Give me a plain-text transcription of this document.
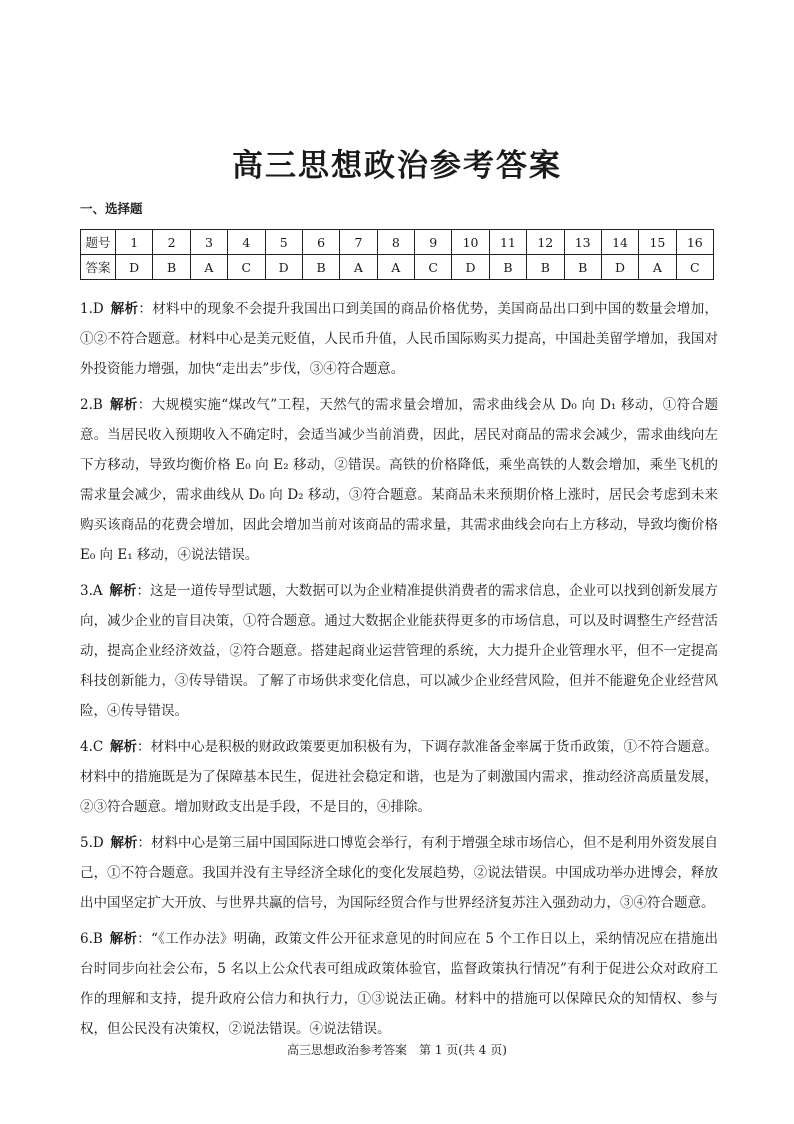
高三思想政治参考答案
一、选择题
题号	1	2	3	4	5	6	7	8	9	10	11	12	13	14	15	16
答案	D	B	A	C	D	B	A	A	C	D	B	B	B	D	A	C

1.D  解析：材料中的现象不会提升我国出口到美国的商品价格优势，美国商品出口到中国的数量会增加，①②不符合题意。材料中心是美元贬值，人民币升值，人民币国际购买力提高，中国赴美留学增加，我国对外投资能力增强，加快“走出去”步伐，③④符合题意。

2.B  解析：大规模实施“煤改气”工程，天然气的需求量会增加，需求曲线会从 D₀ 向 D₁ 移动，①符合题意。当居民收入预期收入不确定时，会适当减少当前消费，因此，居民对商品的需求会减少，需求曲线向左下方移动，导致均衡价格 E₀ 向 E₂ 移动，②错误。高铁的价格降低，乘坐高铁的人数会增加，乘坐飞机的需求量会减少，需求曲线从 D₀ 向 D₂ 移动，③符合题意。某商品未来预期价格上涨时，居民会考虑到未来购买该商品的花费会增加，因此会增加当前对该商品的需求量，其需求曲线会向右上方移动，导致均衡价格 E₀ 向 E₁ 移动，④说法错误。

3.A  解析：这是一道传导型试题，大数据可以为企业精准提供消费者的需求信息，企业可以找到创新发展方向，减少企业的盲目决策，①符合题意。通过大数据企业能获得更多的市场信息，可以及时调整生产经营活动，提高企业经济效益，②符合题意。搭建起商业运营管理的系统，大力提升企业管理水平，但不一定提高科技创新能力，③传导错误。了解了市场供求变化信息，可以减少企业经营风险，但并不能避免企业经营风险，④传导错误。

4.C  解析：材料中心是积极的财政政策要更加积极有为，下调存款准备金率属于货币政策，①不符合题意。材料中的措施既是为了保障基本民生，促进社会稳定和谐，也是为了刺激国内需求，推动经济高质量发展，②③符合题意。增加财政支出是手段，不是目的，④排除。

5.D  解析：材料中心是第三届中国国际进口博览会举行，有利于增强全球市场信心，但不是利用外资发展自己，①不符合题意。我国并没有主导经济全球化的变化发展趋势，②说法错误。中国成功举办进博会，释放出中国坚定扩大开放、与世界共赢的信号，为国际经贸合作与世界经济复苏注入强劲动力，③④符合题意。

6.B  解析：“《工作办法》明确，政策文件公开征求意见的时间应在 5 个工作日以上，采纳情况应在措施出台时同步向社会公布，5 名以上公众代表可组成政策体验官，监督政策执行情况”有利于促进公众对政府工作的理解和支持，提升政府公信力和执行力，①③说法正确。材料中的措施可以保障民众的知情权、参与权，但公民没有决策权，②说法错误。④说法错误。

高三思想政治参考答案　第 1 页(共 4 页)
